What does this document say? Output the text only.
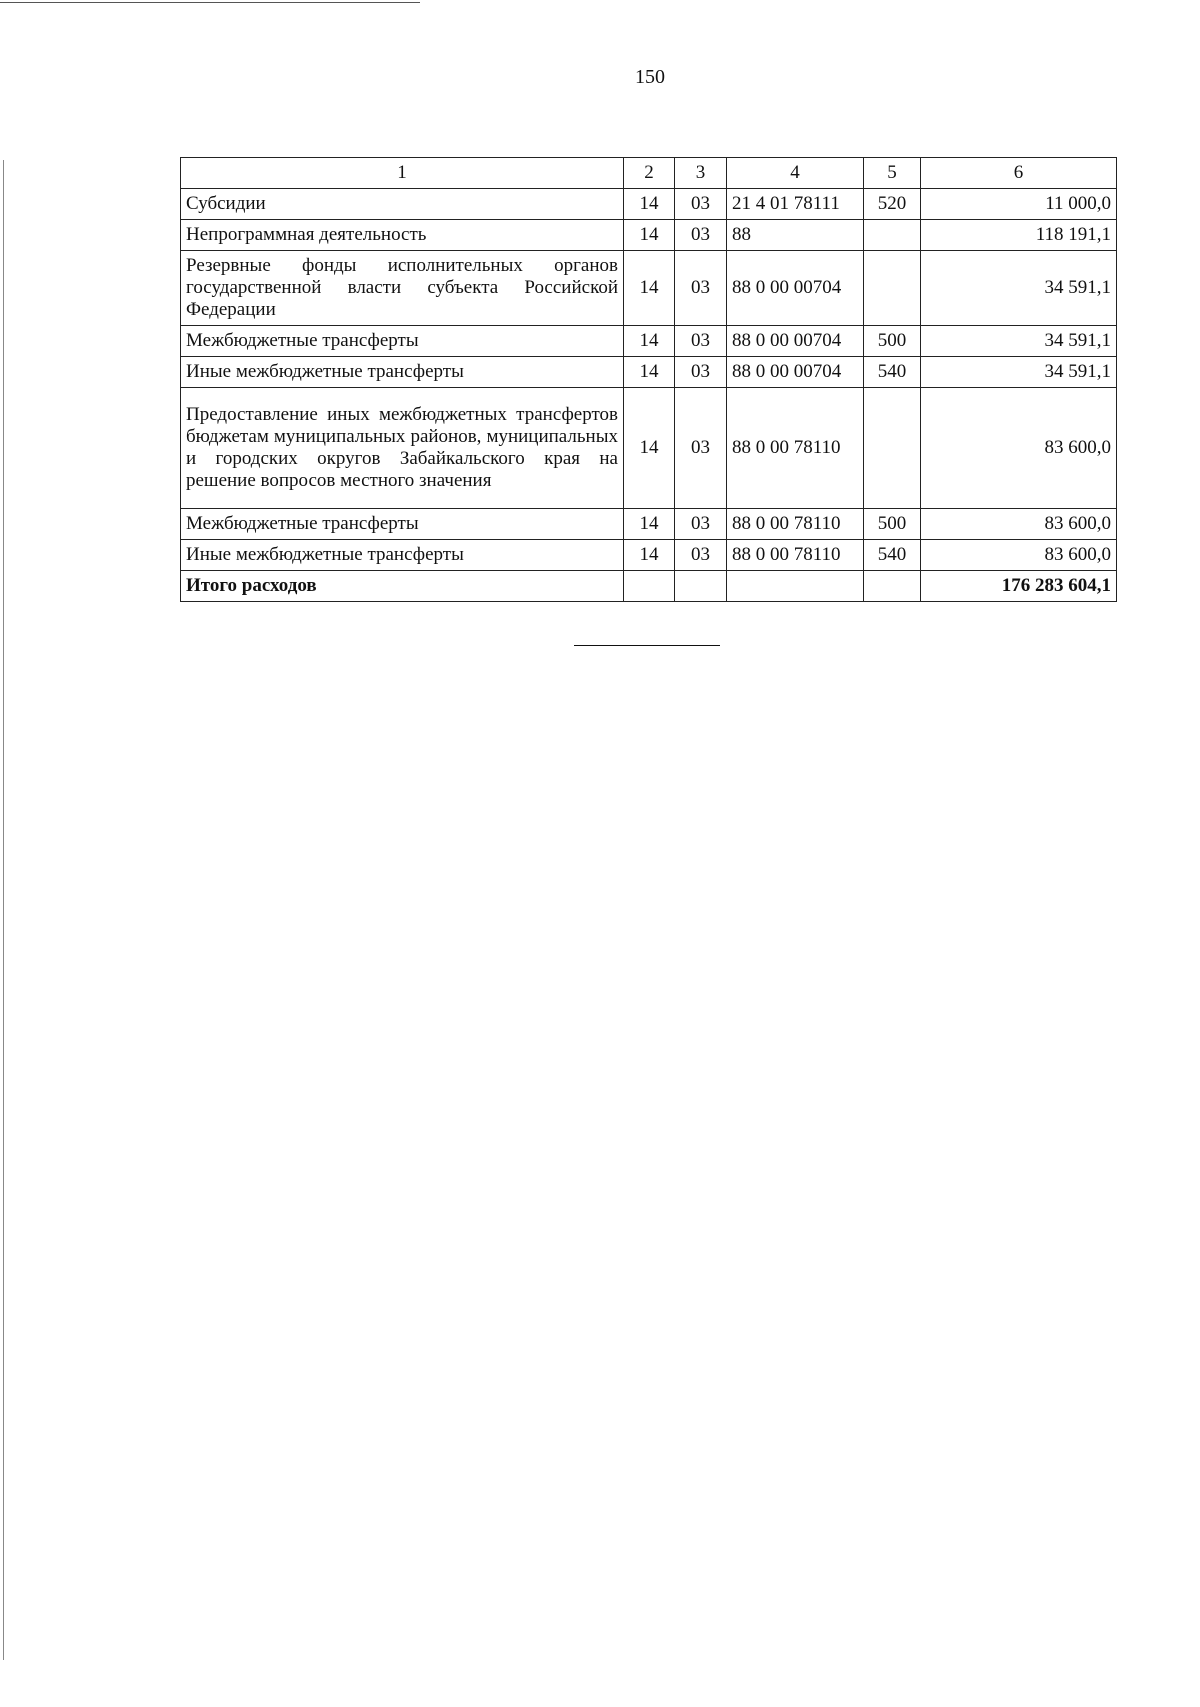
150
1	2	3	4	5	6
Субсидии	14	03	21 4 01 78111	520	11 000,0
Непрограммная деятельность	14	03	88		118 191,1
Резервные фонды исполнительных органов государственной власти субъекта Российской Федерации	14	03	88 0 00 00704		34 591,1
Межбюджетные трансферты	14	03	88 0 00 00704	500	34 591,1
Иные межбюджетные трансферты	14	03	88 0 00 00704	540	34 591,1
Предоставление иных межбюджетных трансфертов бюджетам муниципальных районов, муниципальных и городских округов Забайкальского края на решение вопросов местного значения	14	03	88 0 00 78110		83 600,0
Межбюджетные трансферты	14	03	88 0 00 78110	500	83 600,0
Иные межбюджетные трансферты	14	03	88 0 00 78110	540	83 600,0
Итого расходов					176 283 604,1
